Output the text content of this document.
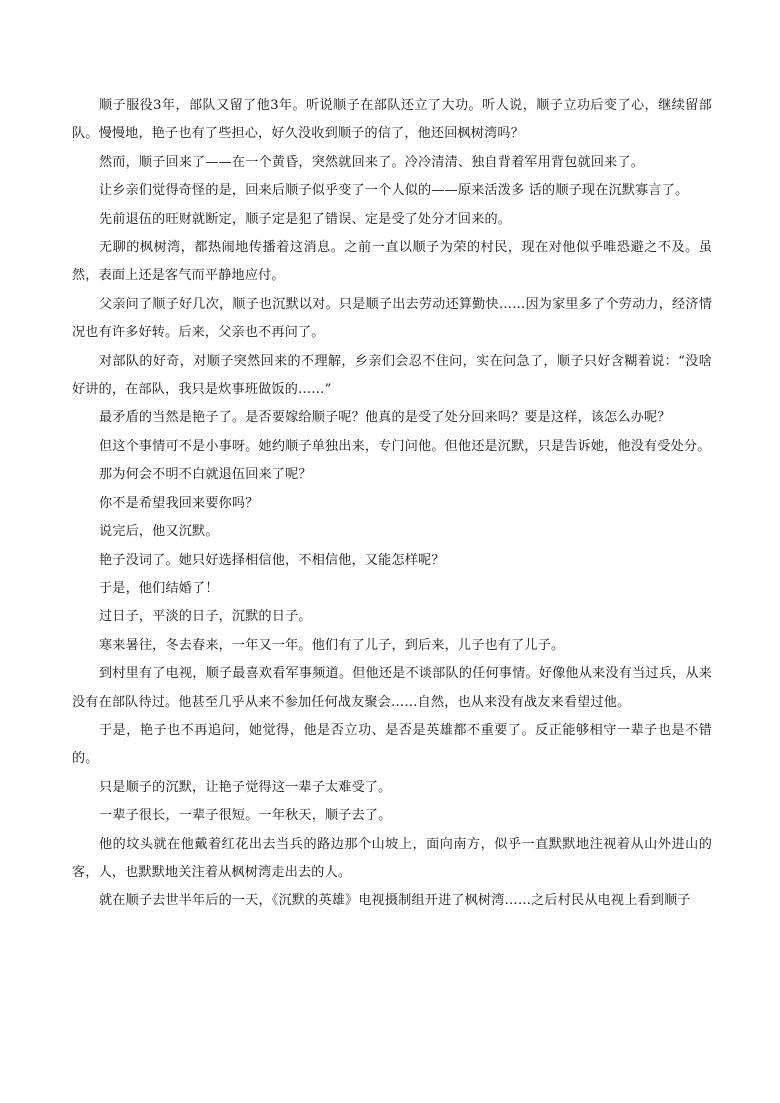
顺子服役3年，部队又留了他3年。听说顺子在部队还立了大功。听人说，顺子立功后变了心，继续留部队。慢慢地，艳子也有了些担心，好久没收到顺子的信了，他还回枫树湾吗？

然而，顺子回来了——在一个黄昏，突然就回来了。冷冷清清、独自背着军用背包就回来了。

让乡亲们觉得奇怪的是，回来后顺子似乎变了一个人似的——原来活泼多 话的顺子现在沉默寡言了。

先前退伍的旺财就断定，顺子定是犯了错误、定是受了处分才回来的。

无聊的枫树湾，都热闹地传播着这消息。之前一直以顺子为荣的村民，现在对他似乎唯恐避之不及。虽然，表面上还是客气而平静地应付。

父亲问了顺子好几次，顺子也沉默以对。只是顺子出去劳动还算勤快……因为家里多了个劳动力，经济情况也有许多好转。后来，父亲也不再问了。

对部队的好奇，对顺子突然回来的不理解，乡亲们会忍不住问，实在问急了，顺子只好含糊着说：“没啥好讲的，在部队，我只是炊事班做饭的……”

最矛盾的当然是艳子了。是否要嫁给顺子呢？他真的是受了处分回来吗？要是这样，该怎么办呢？

但这个事情可不是小事呀。她约顺子单独出来，专门问他。但他还是沉默，只是告诉她，他没有受处分。

那为何会不明不白就退伍回来了呢？

你不是希望我回来要你吗？

说完后，他又沉默。

艳子没词了。她只好选择相信他，不相信他，又能怎样呢？

于是，他们结婚了！

过日子，平淡的日子，沉默的日子。

寒来暑往，冬去春来，一年又一年。他们有了儿子，到后来，儿子也有了儿子。

到村里有了电视，顺子最喜欢看军事频道。但他还是不谈部队的任何事情。好像他从来没有当过兵，从来没有在部队待过。他甚至几乎从来不参加任何战友聚会……自然，也从来没有战友来看望过他。

于是，艳子也不再追问，她觉得，他是否立功、是否是英雄都不重要了。反正能够相守一辈子也是不错的。

只是顺子的沉默，让艳子觉得这一辈子太难受了。

一辈子很长，一辈子很短。一年秋天，顺子去了。

他的坟头就在他戴着红花出去当兵的路边那个山坡上，面向南方，似乎一直默默地注视着从山外进山的客，人，也默默地关注着从枫树湾走出去的人。

就在顺子去世半年后的一天，《沉默的英雄》电视摄制组开进了枫树湾……之后村民从电视上看到顺子
